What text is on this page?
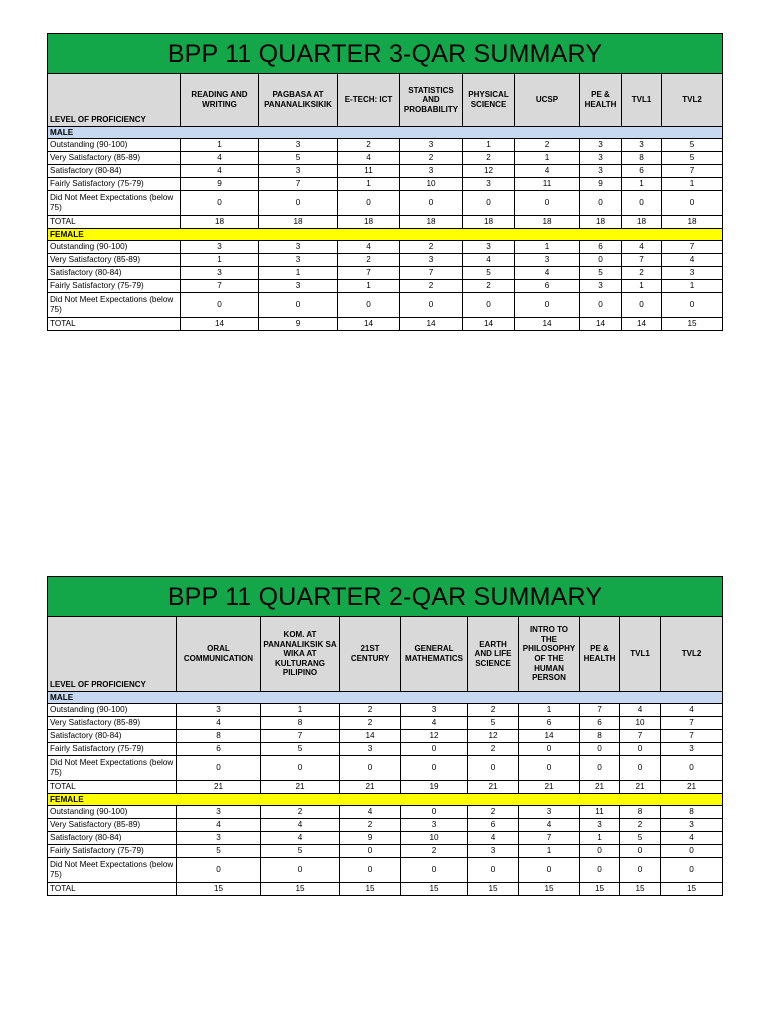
BPP 11 QUARTER 3-QAR SUMMARY									
LEVEL OF PROFICIENCY	READING AND WRITING	PAGBASA AT PANANALIKSIKIK	E-TECH: ICT	STATISTICS AND PROBABILITY	PHYSICAL SCIENCE	UCSP	PE & HEALTH	TVL1	TVL2
MALE									
Outstanding (90-100)	1	3	2	3	1	2	3	3	5
Very Satisfactory (85-89)	4	5	4	2	2	1	3	8	5
Satisfactory (80-84)	4	3	11	3	12	4	3	6	7
Fairly Satisfactory (75-79)	9	7	1	10	3	11	9	1	1
Did Not Meet Expectations (below 75)	0	0	0	0	0	0	0	0	0
TOTAL	18	18	18	18	18	18	18	18	18
FEMALE									
Outstanding (90-100)	3	3	4	2	3	1	6	4	7
Very Satisfactory (85-89)	1	3	2	3	4	3	0	7	4
Satisfactory (80-84)	3	1	7	7	5	4	5	2	3
Fairly Satisfactory (75-79)	7	3	1	2	2	6	3	1	1
Did Not Meet Expectations (below 75)	0	0	0	0	0	0	0	0	0
TOTAL	14	9	14	14	14	14	14	14	15
BPP 11 QUARTER 2-QAR SUMMARY									
LEVEL OF PROFICIENCY	ORAL COMMUNICATION	KOM. AT PANANALIKSIK SA WIKA AT KULTURANG PILIPINO	21ST CENTURY	GENERAL MATHEMATICS	EARTH AND LIFE SCIENCE	INTRO TO THE PHILOSOPHY OF THE HUMAN PERSON	PE & HEALTH	TVL1	TVL2
MALE									
Outstanding (90-100)	3	1	2	3	2	1	7	4	4
Very Satisfactory (85-89)	4	8	2	4	5	6	6	10	7
Satisfactory (80-84)	8	7	14	12	12	14	8	7	7
Fairly Satisfactory (75-79)	6	5	3	0	2	0	0	0	3
Did Not Meet Expectations (below 75)	0	0	0	0	0	0	0	0	0
TOTAL	21	21	21	19	21	21	21	21	21
FEMALE									
Outstanding (90-100)	3	2	4	0	2	3	11	8	8
Very Satisfactory (85-89)	4	4	2	3	6	4	3	2	3
Satisfactory (80-84)	3	4	9	10	4	7	1	5	4
Fairly Satisfactory (75-79)	5	5	0	2	3	1	0	0	0
Did Not Meet Expectations (below 75)	0	0	0	0	0	0	0	0	0
TOTAL	15	15	15	15	15	15	15	15	15
